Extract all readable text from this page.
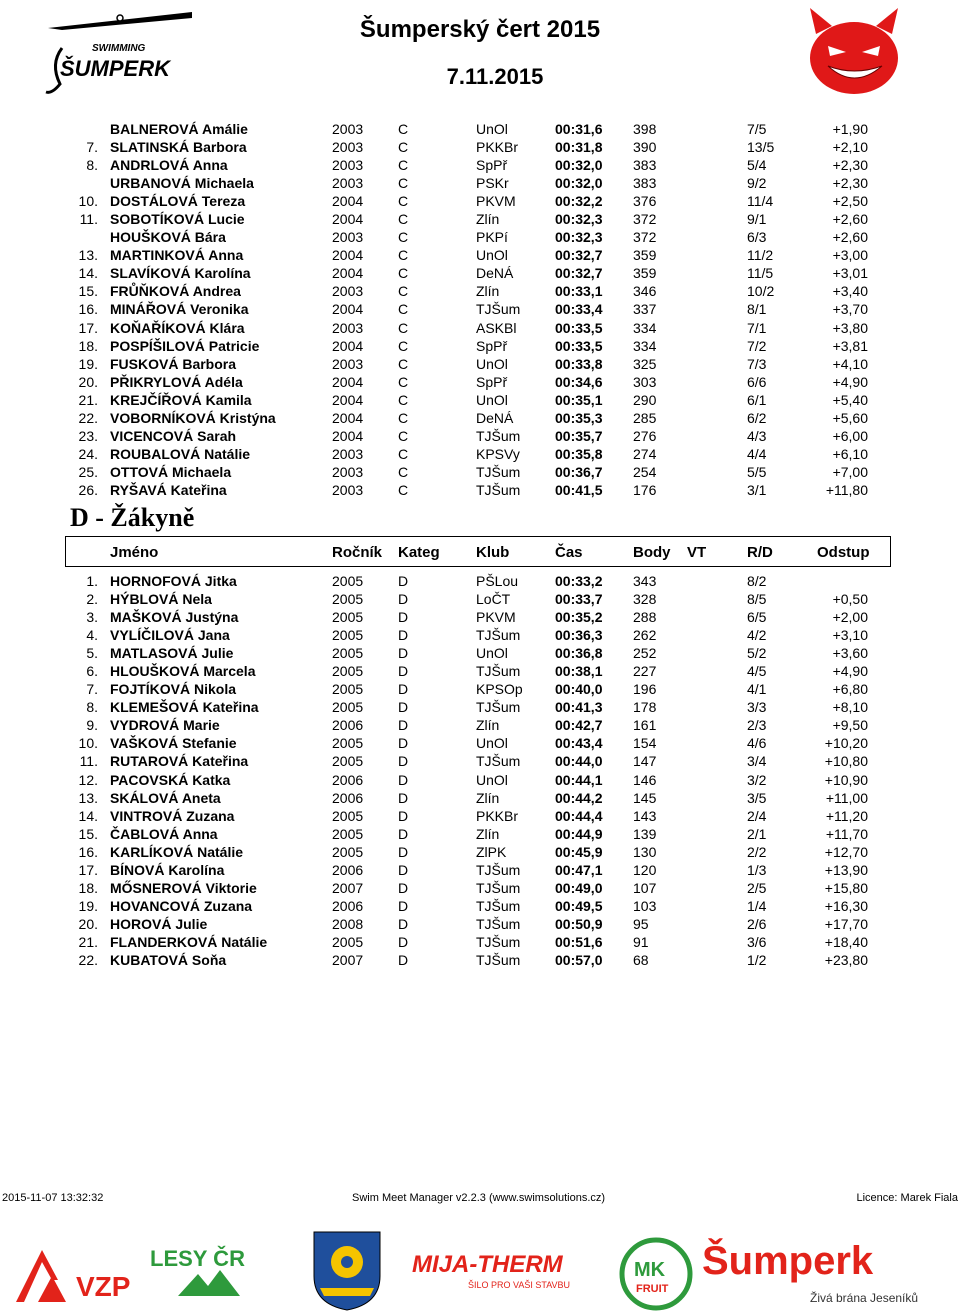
SWIMMING
ŠUMPERK
Šumperský čert 2015
7.11.2015
BALNEROVÁ Amálie	2003 C	UnOl	00:31,6 398	7/5	+1,90
7. SLATINSKÁ Barbora	2003 C	PKKBr	00:31,8 390	13/5	+2,10
8. ANDRLOVÁ Anna	2003 C	SpPř	00:32,0 383	5/4	+2,30
URBANOVÁ Michaela	2003 C	PSKr	00:32,0 383	9/2	+2,30
10. DOSTÁLOVÁ Tereza	2004 C	PKVM	00:32,2 376	11/4	+2,50
11. SOBOTÍKOVÁ Lucie	2004 C	Zlín	00:32,3 372	9/1	+2,60
HOUŠKOVÁ Bára	2003 C	PKPí	00:32,3 372	6/3	+2,60
13. MARTINKOVÁ Anna	2004 C	UnOl	00:32,7 359	11/2	+3,00
14. SLAVÍKOVÁ Karolína	2004 C	DeNÁ	00:32,7 359	11/5	+3,01
15. FRŮŇKOVÁ Andrea	2003 C	Zlín	00:33,1 346	10/2	+3,40
16. MINÁŘOVÁ Veronika	2004 C	TJŠum 00:33,4 337	8/1	+3,70
17. KOŇAŘÍKOVÁ Klára	2003 C	ASKBl	00:33,5 334	7/1	+3,80
18. POSPÍŠILOVÁ Patricie	2004 C	SpPř	00:33,5 334	7/2	+3,81
19. FUSKOVÁ Barbora	2003 C	UnOl	00:33,8 325	7/3	+4,10
20. PŘIKRYLOVÁ Adéla	2004 C	SpPř	00:34,6 303	6/6	+4,90
21. KREJČÍŘOVÁ Kamila	2004 C	UnOl	00:35,1 290	6/1	+5,40
22. VOBORNÍKOVÁ Kristýna	2004 C	DeNÁ	00:35,3 285	6/2	+5,60
23. VICENCOVÁ Sarah	2004 C	TJŠum 00:35,7 276	4/3	+6,00
24. ROUBALOVÁ Natálie	2003 C	KPSVy	00:35,8 274	4/4	+6,10
25. OTTOVÁ Michaela	2003 C	TJŠum 00:36,7 254	5/5	+7,00
26. RYŠAVÁ Kateřina	2003 C	TJŠum 00:41,5 176	3/1	+11,80
D - Žákyně
Jméno	Ročník Kateg Klub	Čas	Body VT	R/D	Odstup
1. HORNOFOVÁ Jitka	2005 D	PŠLou	00:33,2 343	8/2
2. HÝBLOVÁ Nela	2005 D	LoČT	00:33,7 328	8/5	+0,50
3. MAŠKOVÁ Justýna	2005 D	PKVM	00:35,2 288	6/5	+2,00
4. VYLÍČILOVÁ Jana	2005 D	TJŠum 00:36,3 262	4/2	+3,10
5. MATLASOVÁ Julie	2005 D	UnOl	00:36,8 252	5/2	+3,60
6. HLOUŠKOVÁ Marcela	2005 D	TJŠum 00:38,1 227	4/5	+4,90
7. FOJTÍKOVÁ Nikola	2005 D	KPSOp 00:40,0 196	4/1	+6,80
8. KLEMEŠOVÁ Kateřina	2005 D	TJŠum 00:41,3 178	3/3	+8,10
9. VYDROVÁ Marie	2006 D	Zlín	00:42,7 161	2/3	+9,50
10. VAŠKOVÁ Stefanie	2005 D	UnOl	00:43,4 154	4/6	+10,20
11. RUTAROVÁ Kateřina	2005 D	TJŠum 00:44,0 147	3/4	+10,80
12. PACOVSKÁ Katka	2006 D	UnOl	00:44,1 146	3/2	+10,90
13. SKÁLOVÁ Aneta	2006 D	Zlín	00:44,2 145	3/5	+11,00
14. VINTROVÁ Zuzana	2005 D	PKKBr	00:44,4 143	2/4	+11,20
15. ČABLOVÁ Anna	2005 D	Zlín	00:44,9 139	2/1	+11,70
16. KARLÍKOVÁ Natálie	2005 D	ZlPK	00:45,9 130	2/2	+12,70
17. BÍNOVÁ Karolína	2006 D	TJŠum 00:47,1 120	1/3	+13,90
18. MŐSNEROVÁ Viktorie	2007 D	TJŠum 00:49,0 107	2/5	+15,80
19. HOVANCOVÁ Zuzana	2006 D	TJŠum 00:49,5 103	1/4	+16,30
20. HOROVÁ Julie	2008 D	TJŠum 00:50,9 95	2/6	+17,70
21. FLANDERKOVÁ Natálie	2005 D	TJŠum 00:51,6 91	3/6	+18,40
22. KUBATOVÁ Soňa	2007 D	TJŠum 00:57,0 68	1/2	+23,80
2015-11-07 13:32:32	Swim Meet Manager v2.2.3 (www.swimsolutions.cz)	Licence: Marek Fiala
VZP
LESY ČR	MIJA-THERM
ŠILO PRO VAŠI STAVBU
MK
FRUIT
Šumperk
Živá brána Jeseníků
